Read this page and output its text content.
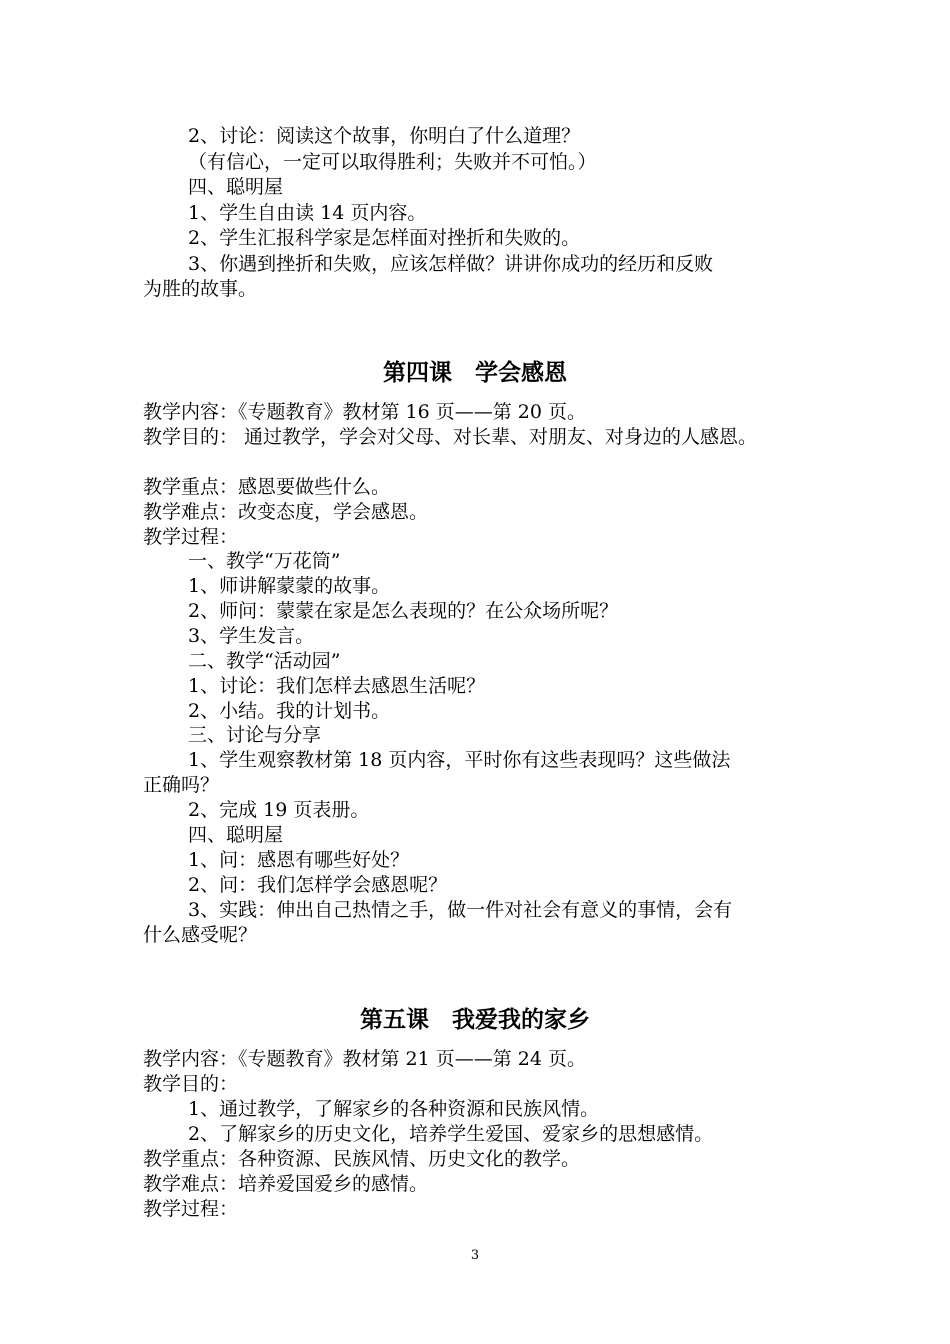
2、讨论：阅读这个故事，你明白了什么道理？
（有信心，一定可以取得胜利；失败并不可怕。）
四、聪明屋
1、学生自由读 14 页内容。
2、学生汇报科学家是怎样面对挫折和失败的。
3、你遇到挫折和失败，应该怎样做？讲讲你成功的经历和反败
为胜的故事。
第四课　学会感恩
教学内容：《专题教育》教材第 16 页——第 20 页。
教学目的： 通过教学，学会对父母、对长辈、对朋友、对身边的人感恩。
教学重点：感恩要做些什么。
教学难点：改变态度，学会感恩。
教学过程：
一、教学“万花筒”
1、师讲解蒙蒙的故事。
2、师问：蒙蒙在家是怎么表现的？在公众场所呢？
3、学生发言。
二、教学“活动园”
1、讨论：我们怎样去感恩生活呢？
2、小结。我的计划书。
三、讨论与分享
1、学生观察教材第 18 页内容，平时你有这些表现吗？这些做法
正确吗？
2、完成 19 页表册。
四、聪明屋
1、问：感恩有哪些好处？
2、问：我们怎样学会感恩呢？
3、实践：伸出自己热情之手，做一件对社会有意义的事情，会有
什么感受呢？
第五课　我爱我的家乡
教学内容：《专题教育》教材第 21 页——第 24 页。
教学目的：
1、通过教学，了解家乡的各种资源和民族风情。
2、了解家乡的历史文化，培养学生爱国、爱家乡的思想感情。
教学重点：各种资源、民族风情、历史文化的教学。
教学难点：培养爱国爱乡的感情。
教学过程：
3
